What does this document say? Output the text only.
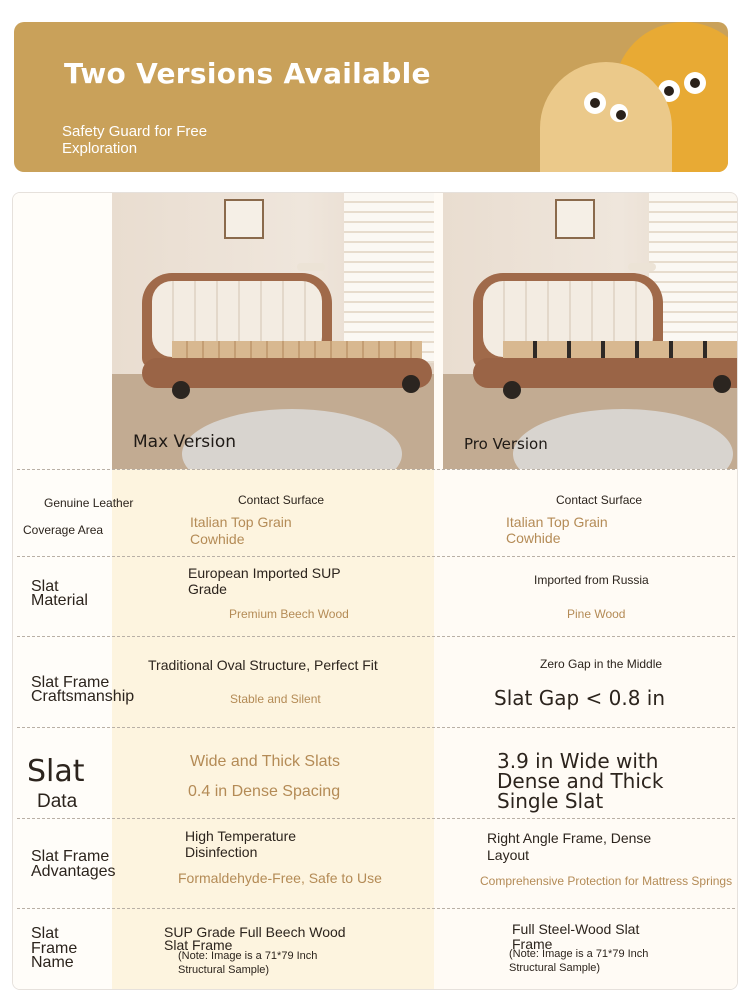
Two Versions Available
Safety Guard for Free
Exploration
Max Version	Pro Version
Genuine Leather
Coverage Area
Contact Surface
Italian Top Grain
Cowhide
Contact Surface
Italian Top Grain
Cowhide
Slat
Material
European Imported SUP
Grade
Premium Beech Wood
Imported from Russia
Pine Wood
Slat Frame
Craftsmanship
Traditional Oval Structure, Perfect Fit
Stable and Silent
Zero Gap in the Middle
Slat Gap < 0.8 in
Slat
Data
Wide and Thick Slats
0.4 in Dense Spacing
3.9 in Wide with
Dense and Thick
Single Slat
Slat Frame
Advantages
High Temperature
Disinfection
Formaldehyde-Free, Safe to Use
Right Angle Frame, Dense
Layout
Comprehensive Protection for Mattress Springs
Slat
Frame
Name
SUP Grade Full Beech Wood
Slat Frame
(Note: Image is a 71*79 Inch
Structural Sample)
Full Steel-Wood Slat
Frame
(Note: Image is a 71*79 Inch
Structural Sample)
